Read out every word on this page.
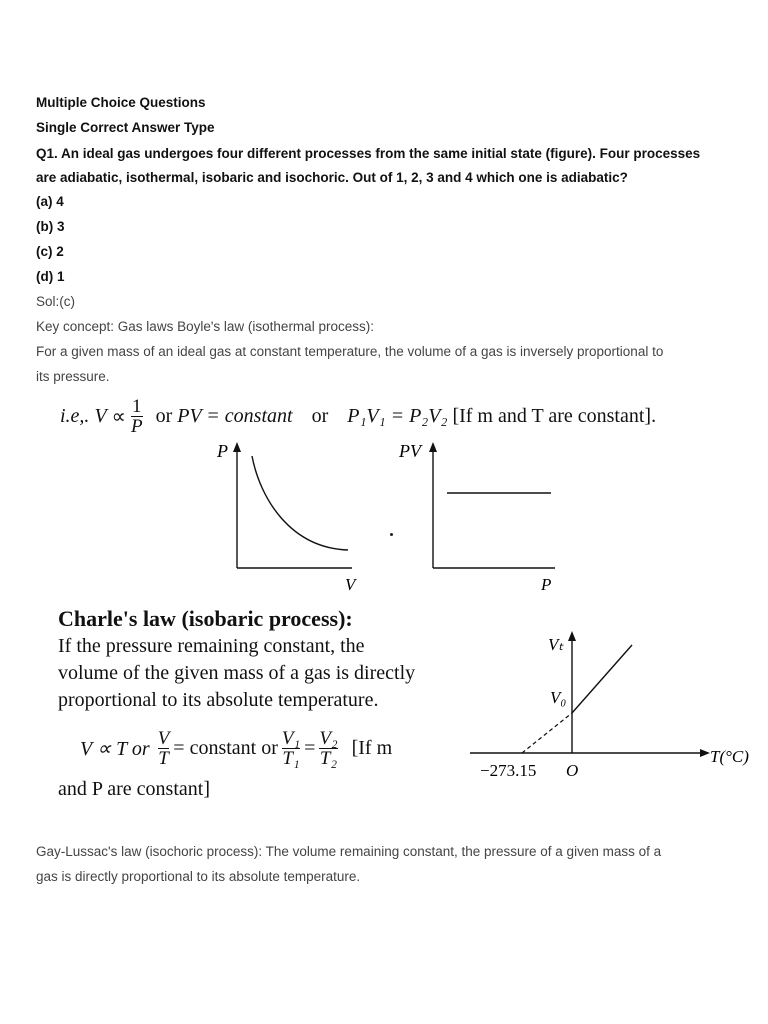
Multiple Choice Questions
Single Correct Answer Type
Q1. An ideal gas undergoes four different processes from the same initial state (figure). Four processes
are adiabatic, isothermal, isobaric and isochoric. Out of 1, 2, 3 and 4 which one is adiabatic?
(a) 4
(b) 3
(c) 2
(d) 1
Sol:(c)
Key concept: Gas laws Boyle's law (isothermal process):
For a given mass of an ideal gas at constant temperature, the volume of a gas is inversely proportional to
its pressure.
i.e,. $V \propto \frac{1}{P}$ or PV = constant or P₁V₁ = P₂V₂ [If m and T are constant].
P
V
PV
P
Charle's law (isobaric process):
If the pressure remaining constant, the
volume of the given mass of a gas is directly
proportional to its absolute temperature.
V ∝ T or $\frac{V}{T}$ = constant or $\frac{\text{V₁}}{\text{T₁}} = \frac{\text{V₂}}{\text{T₂}} [If$ m
and P are constant]
Vₜ
V₀
T(°C)
−273.15 O
Gay-Lussac's law (isochoric process): The volume remaining constant, the pressure of a given mass of a
gas is directly proportional to its absolute temperature.
